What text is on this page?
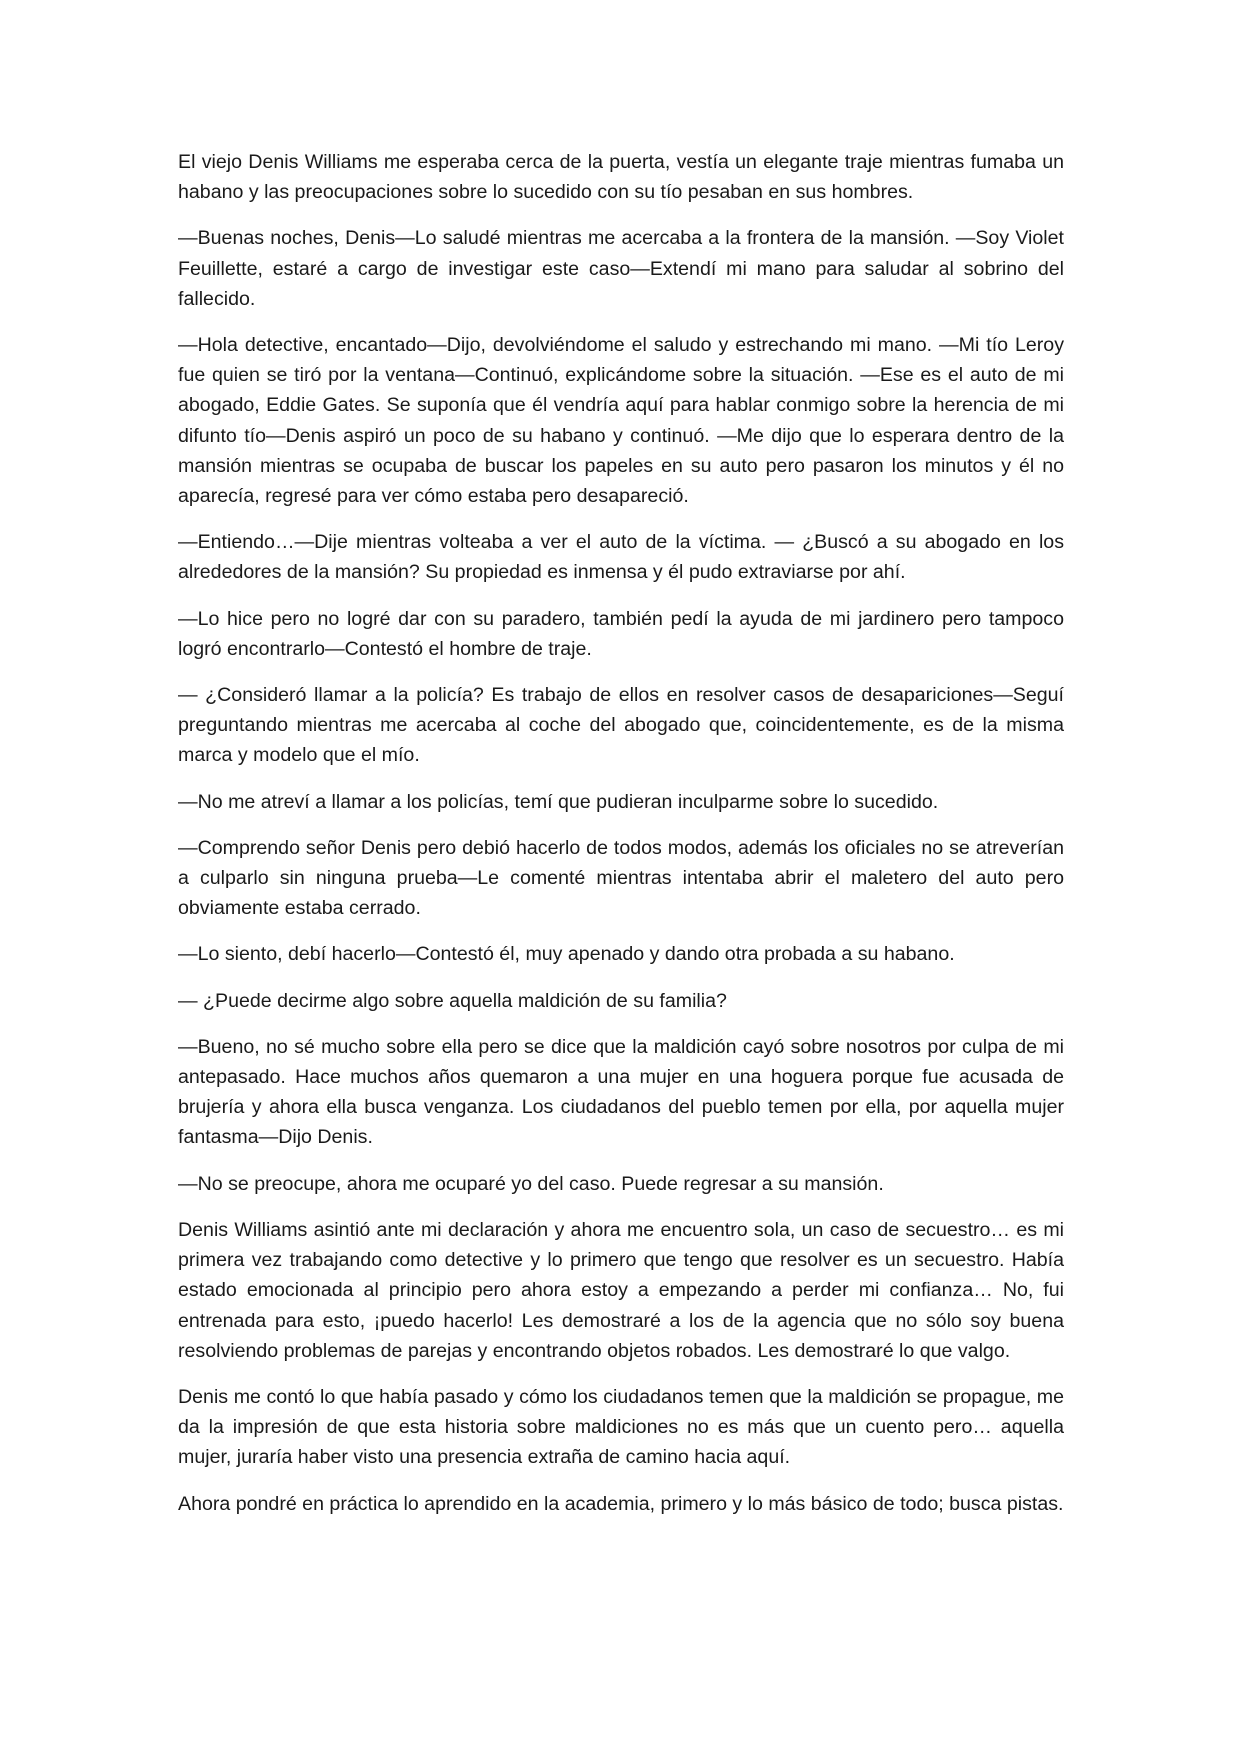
El viejo Denis Williams me esperaba cerca de la puerta, vestía un elegante traje mientras fumaba un habano y las preocupaciones sobre lo sucedido con su tío pesaban en sus hombres.

—Buenas noches, Denis—Lo saludé mientras me acercaba a la frontera de la mansión. —Soy Violet Feuillette, estaré a cargo de investigar este caso—Extendí mi mano para saludar al sobrino del fallecido.

—Hola detective, encantado—Dijo, devolviéndome el saludo y estrechando mi mano. —Mi tío Leroy fue quien se tiró por la ventana—Continuó, explicándome sobre la situación. —Ese es el auto de mi abogado, Eddie Gates. Se suponía que él vendría aquí para hablar conmigo sobre la herencia de mi difunto tío—Denis aspiró un poco de su habano y continuó. —Me dijo que lo esperara dentro de la mansión mientras se ocupaba de buscar los papeles en su auto pero pasaron los minutos y él no aparecía, regresé para ver cómo estaba pero desapareció.

—Entiendo…—Dije mientras volteaba a ver el auto de la víctima. — ¿Buscó a su abogado en los alrededores de la mansión? Su propiedad es inmensa y él pudo extraviarse por ahí.

—Lo hice pero no logré dar con su paradero, también pedí la ayuda de mi jardinero pero tampoco logró encontrarlo—Contestó el hombre de traje.

— ¿Consideró llamar a la policía? Es trabajo de ellos en resolver casos de desapariciones—Seguí preguntando mientras me acercaba al coche del abogado que, coincidentemente, es de la misma marca y modelo que el mío.

—No me atreví a llamar a los policías, temí que pudieran inculparme sobre lo sucedido.

—Comprendo señor Denis pero debió hacerlo de todos modos, además los oficiales no se atreverían a culparlo sin ninguna prueba—Le comenté mientras intentaba abrir el maletero del auto pero obviamente estaba cerrado.

—Lo siento, debí hacerlo—Contestó él, muy apenado y dando otra probada a su habano.

— ¿Puede decirme algo sobre aquella maldición de su familia?

—Bueno, no sé mucho sobre ella pero se dice que la maldición cayó sobre nosotros por culpa de mi antepasado. Hace muchos años quemaron a una mujer en una hoguera porque fue acusada de brujería y ahora ella busca venganza. Los ciudadanos del pueblo temen por ella, por aquella mujer fantasma—Dijo Denis.

—No se preocupe, ahora me ocuparé yo del caso. Puede regresar a su mansión.

Denis Williams asintió ante mi declaración y ahora me encuentro sola, un caso de secuestro… es mi primera vez trabajando como detective y lo primero que tengo que resolver es un secuestro. Había estado emocionada al principio pero ahora estoy a empezando a perder mi confianza… No, fui entrenada para esto, ¡puedo hacerlo! Les demostraré a los de la agencia que no sólo soy buena resolviendo problemas de parejas y encontrando objetos robados. Les demostraré lo que valgo.

Denis me contó lo que había pasado y cómo los ciudadanos temen que la maldición se propague, me da la impresión de que esta historia sobre maldiciones no es más que un cuento pero… aquella mujer, juraría haber visto una presencia extraña de camino hacia aquí.

Ahora pondré en práctica lo aprendido en la academia, primero y lo más básico de todo; busca pistas.
